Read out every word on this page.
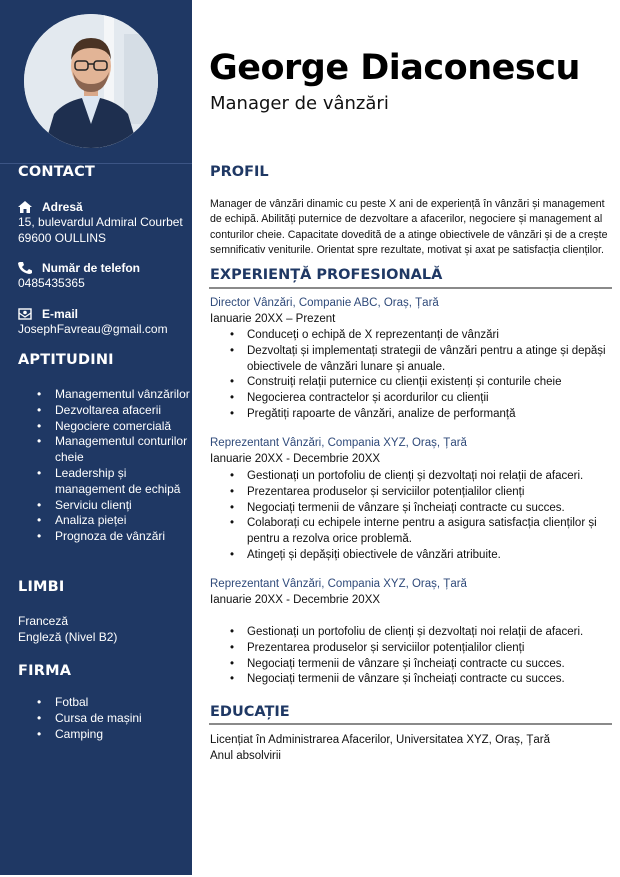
CONTACT
Adresă
15, bulevardul Admiral Courbet
69600 OULLINS
Număr de telefon
0485435365
E-mail
JosephFavreau@gmail.com
APTITUDINI
• Managementul vânzărilor
• Dezvoltarea afacerii
• Negociere comercială
• Managementul conturilor cheie
• Leadership și management de echipă
• Serviciu clienți
• Analiza pieței
• Prognoza de vânzări
LIMBI
Franceză
Engleză (Nivel B2)
FIRMA
• Fotbal
• Cursa de mașini
• Camping
George Diaconescu
Manager de vânzări
PROFIL
Manager de vânzări dinamic cu peste X ani de experiență în vânzări și management de echipă. Abilități puternice de dezvoltare a afacerilor, negociere și management al conturilor cheie. Capacitate dovedită de a atinge obiectivele de vânzări și de a crește semnificativ veniturile. Orientat spre rezultate, motivat și axat pe satisfacția clienților.
EXPERIENȚĂ PROFESIONALĂ
Director Vânzări, Companie ABC, Oraș, Țară
Ianuarie 20XX – Prezent
• Conduceți o echipă de X reprezentanți de vânzări
• Dezvoltați și implementați strategii de vânzări pentru a atinge și depăși obiectivele de vânzări lunare și anuale.
• Construiți relații puternice cu clienții existenți și conturile cheie
• Negocierea contractelor și acordurilor cu clienții
• Pregătiți rapoarte de vânzări, analize de performanță
Reprezentant Vânzări, Compania XYZ, Oraș, Țară
Ianuarie 20XX - Decembrie 20XX
• Gestionați un portofoliu de clienți și dezvoltați noi relații de afaceri.
• Prezentarea produselor și serviciilor potențialilor clienți
• Negociați termenii de vânzare și încheiați contracte cu succes.
• Colaborați cu echipele interne pentru a asigura satisfacția clienților și pentru a rezolva orice problemă.
• Atingeți și depășiți obiectivele de vânzări atribuite.
Reprezentant Vânzări, Compania XYZ, Oraș, Țară
Ianuarie 20XX - Decembrie 20XX
• Gestionați un portofoliu de clienți și dezvoltați noi relații de afaceri.
• Prezentarea produselor și serviciilor potențialilor clienți
• Negociați termenii de vânzare și încheiați contracte cu succes.
• Negociați termenii de vânzare și încheiați contracte cu succes.
EDUCAȚIE
Licențiat în Administrarea Afacerilor, Universitatea XYZ, Oraș, Țară
Anul absolvirii
